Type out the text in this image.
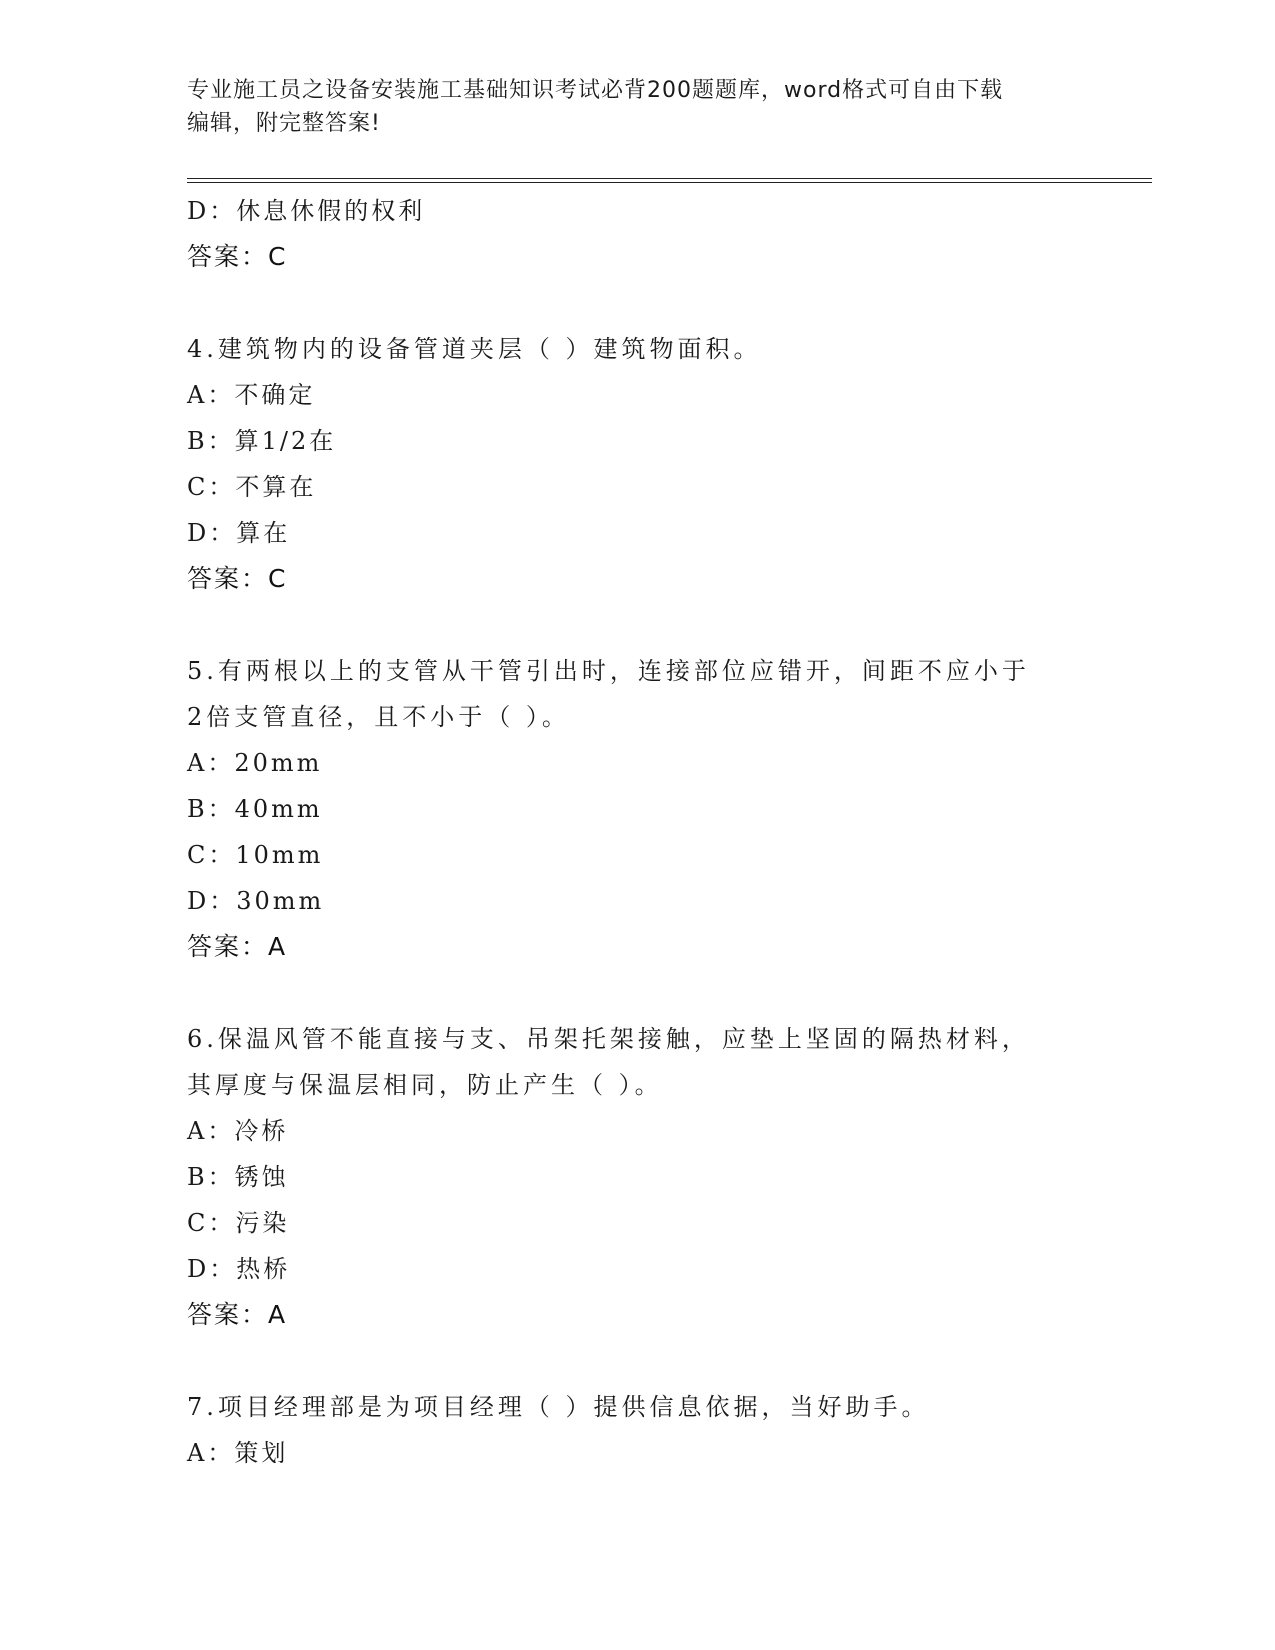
专业施工员之设备安装施工基础知识考试必背200题题库，word格式可自由下载
编辑，附完整答案!
D：休息休假的权利
答案：C
4.建筑物内的设备管道夹层（ ）建筑物面积。
A：不确定
B：算1/2在
C：不算在
D：算在
答案：C
5.有两根以上的支管从干管引出时，连接部位应错开，间距不应小于
2倍支管直径，且不小于（ ）。
A：20mm
B：40mm
C：10mm
D：30mm
答案：A
6.保温风管不能直接与支、吊架托架接触，应垫上坚固的隔热材料，
其厚度与保温层相同，防止产生（ ）。
A：冷桥
B：锈蚀
C：污染
D：热桥
答案：A
7.项目经理部是为项目经理（ ）提供信息依据，当好助手。
A：策划
